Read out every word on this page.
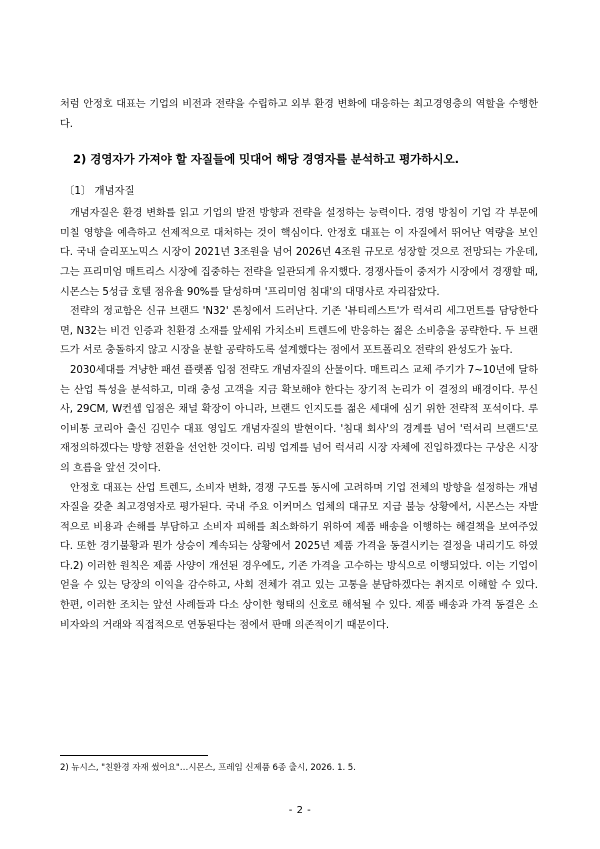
처럼 안정호 대표는 기업의 비전과 전략을 수립하고 외부 환경 변화에 대응하는 최고경영층의 역할을 수행한다.

2) 경영자가 가져야 할 자질들에 밋대어 해당 경영자를 분석하고 평가하시오.
〔1〕 개념자질

개념자질은 환경 변화를 읽고 기업의 발전 방향과 전략을 설정하는 능력이다. 경영 방침이 기업 각 부문에 미칠 영향을 예측하고 선제적으로 대처하는 것이 핵심이다. 안정호 대표는 이 자질에서 뛰어난 역량을 보인다. 국내 슬리포노믹스 시장이 2021년 3조원을 넘어 2026년 4조원 규모로 성장할 것으로 전망되는 가운데, 그는 프리미엄 매트리스 시장에 집중하는 전략을 일관되게 유지했다. 경쟁사들이 중저가 시장에서 경쟁할 때, 시몬스는 5성급 호텔 점유율 90%를 달성하며 '프리미엄 침대'의 대명사로 자리잡았다.

전략의 정교함은 신규 브랜드 'N32' 론칭에서 드러난다. 기존 '뷰티레스트'가 럭셔리 세그먼트를 담당한다면, N32는 비건 인증과 친환경 소재를 앞세워 가치소비 트렌드에 반응하는 젊은 소비층을 공략한다. 두 브랜드가 서로 충돌하지 않고 시장을 분할 공략하도록 설계했다는 점에서 포트폴리오 전략의 완성도가 높다.

2030세대를 겨냥한 패션 플랫폼 입점 전략도 개념자질의 산물이다. 매트리스 교체 주기가 7~10년에 달하는 산업 특성을 분석하고, 미래 충성 고객을 지금 확보해야 한다는 장기적 논리가 이 결정의 배경이다. 무신사, 29CM, W컨셉 입점은 채널 확장이 아니라, 브랜드 인지도를 젊은 세대에 심기 위한 전략적 포석이다. 루이비통 코리아 출신 김민수 대표 영입도 개념자질의 발현이다. '침대 회사'의 경계를 넘어 '럭셔리 브랜드'로 재정의하겠다는 방향 전환을 선언한 것이다. 리빙 업계를 넘어 럭셔리 시장 자체에 진입하겠다는 구상은 시장의 흐름을 앞선 것이다.

안정호 대표는 산업 트렌드, 소비자 변화, 경쟁 구도를 동시에 고려하며 기업 전체의 방향을 설정하는 개념자질을 갖춘 최고경영자로 평가된다. 국내 주요 이커머스 업체의 대규모 지급 불능 상황에서, 시몬스는 자발적으로 비용과 손해를 부담하고 소비자 피해를 최소화하기 위하여 제품 배송을 이행하는 해결책을 보여주었다. 또한 경기불황과 뭔가 상승이 계속되는 상황에서 2025년 제품 가격을 동결시키는 결정을 내리기도 하였다.2) 이러한 원칙은 제품 사양이 개선된 경우에도, 기존 가격을 고수하는 방식으로 이행되었다. 이는 기업이 얻을 수 있는 당장의 이익을 감수하고, 사회 전체가 겪고 있는 고통을 분담하겠다는 취지로 이해할 수 있다. 한편, 이러한 조치는 앞선 사례들과 다소 상이한 형태의 신호로 해석될 수 있다. 제품 배송과 가격 동결은 소비자와의 거래와 직접적으로 연동된다는 점에서 판매 의존적이기 때문이다.

2) 뉴시스, "친환경 자재 썼어요"…시몬스, 프레임 신제품 6종 출시, 2026. 1. 5.
- 2 -
